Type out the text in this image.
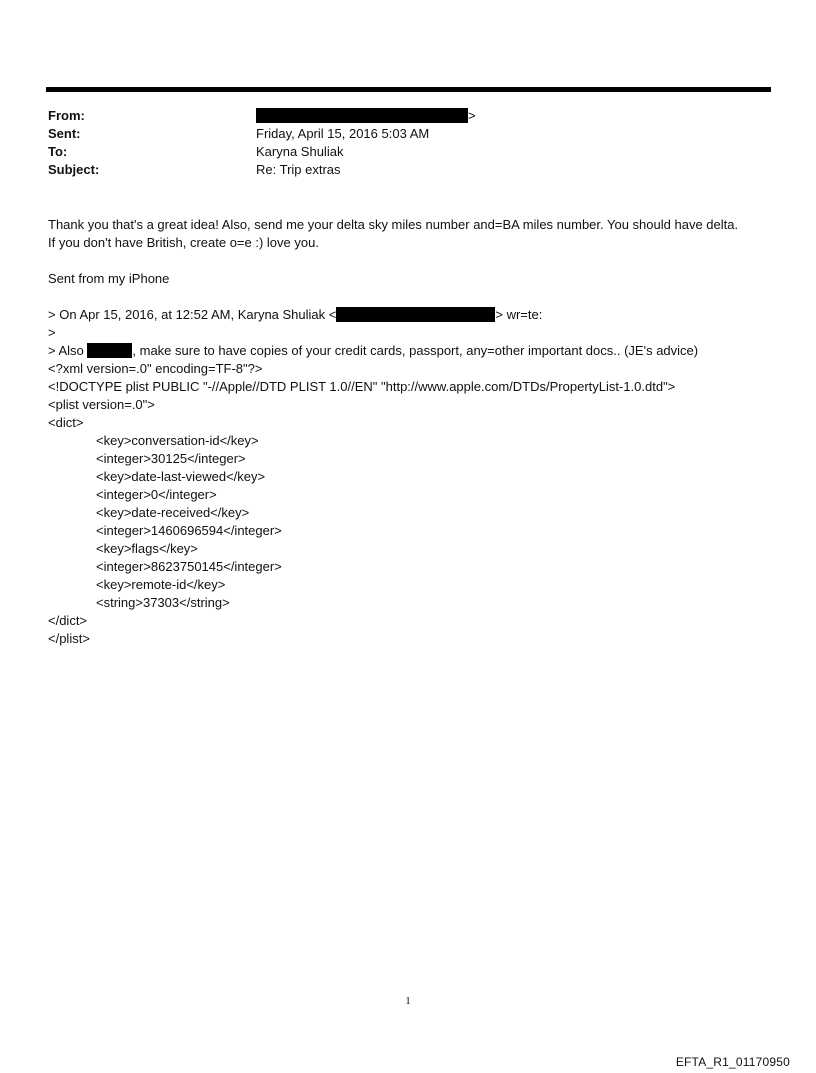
From:	>
Sent:	Friday, April 15, 2016 5:03 AM
To:	Karyna Shuliak
Subject:	Re: Trip extras
Thank you that's a great idea! Also, send me your delta sky miles number and=BA miles number. You should have delta.
If you don't have British, create o=e :) love you.
Sent from my iPhone
> On Apr 15, 2016, at 12:52 AM, Karyna Shuliak <	> wr=te:
>
> Also	, make sure to have copies of your credit cards, passport, any=other important docs.. (JE's advice)
<?xml version=.0" encoding=TF-8"?>
<!DOCTYPE plist PUBLIC "-//Apple//DTD PLIST 1.0//EN" "http://www.apple.com/DTDs/PropertyList-1.0.dtd">
<plist version=.0">
<dict>
<key>conversation-id</key>
<integer>30125</integer>
<key>date-last-viewed</key>
<integer>0</integer>
<key>date-received</key>
<integer>1460696594</integer>
<key>flags</key>
<integer>8623750145</integer>
<key>remote-id</key>
<string>37303</string>
</dict>
</plist>
1
EFTA_R1_01170950
